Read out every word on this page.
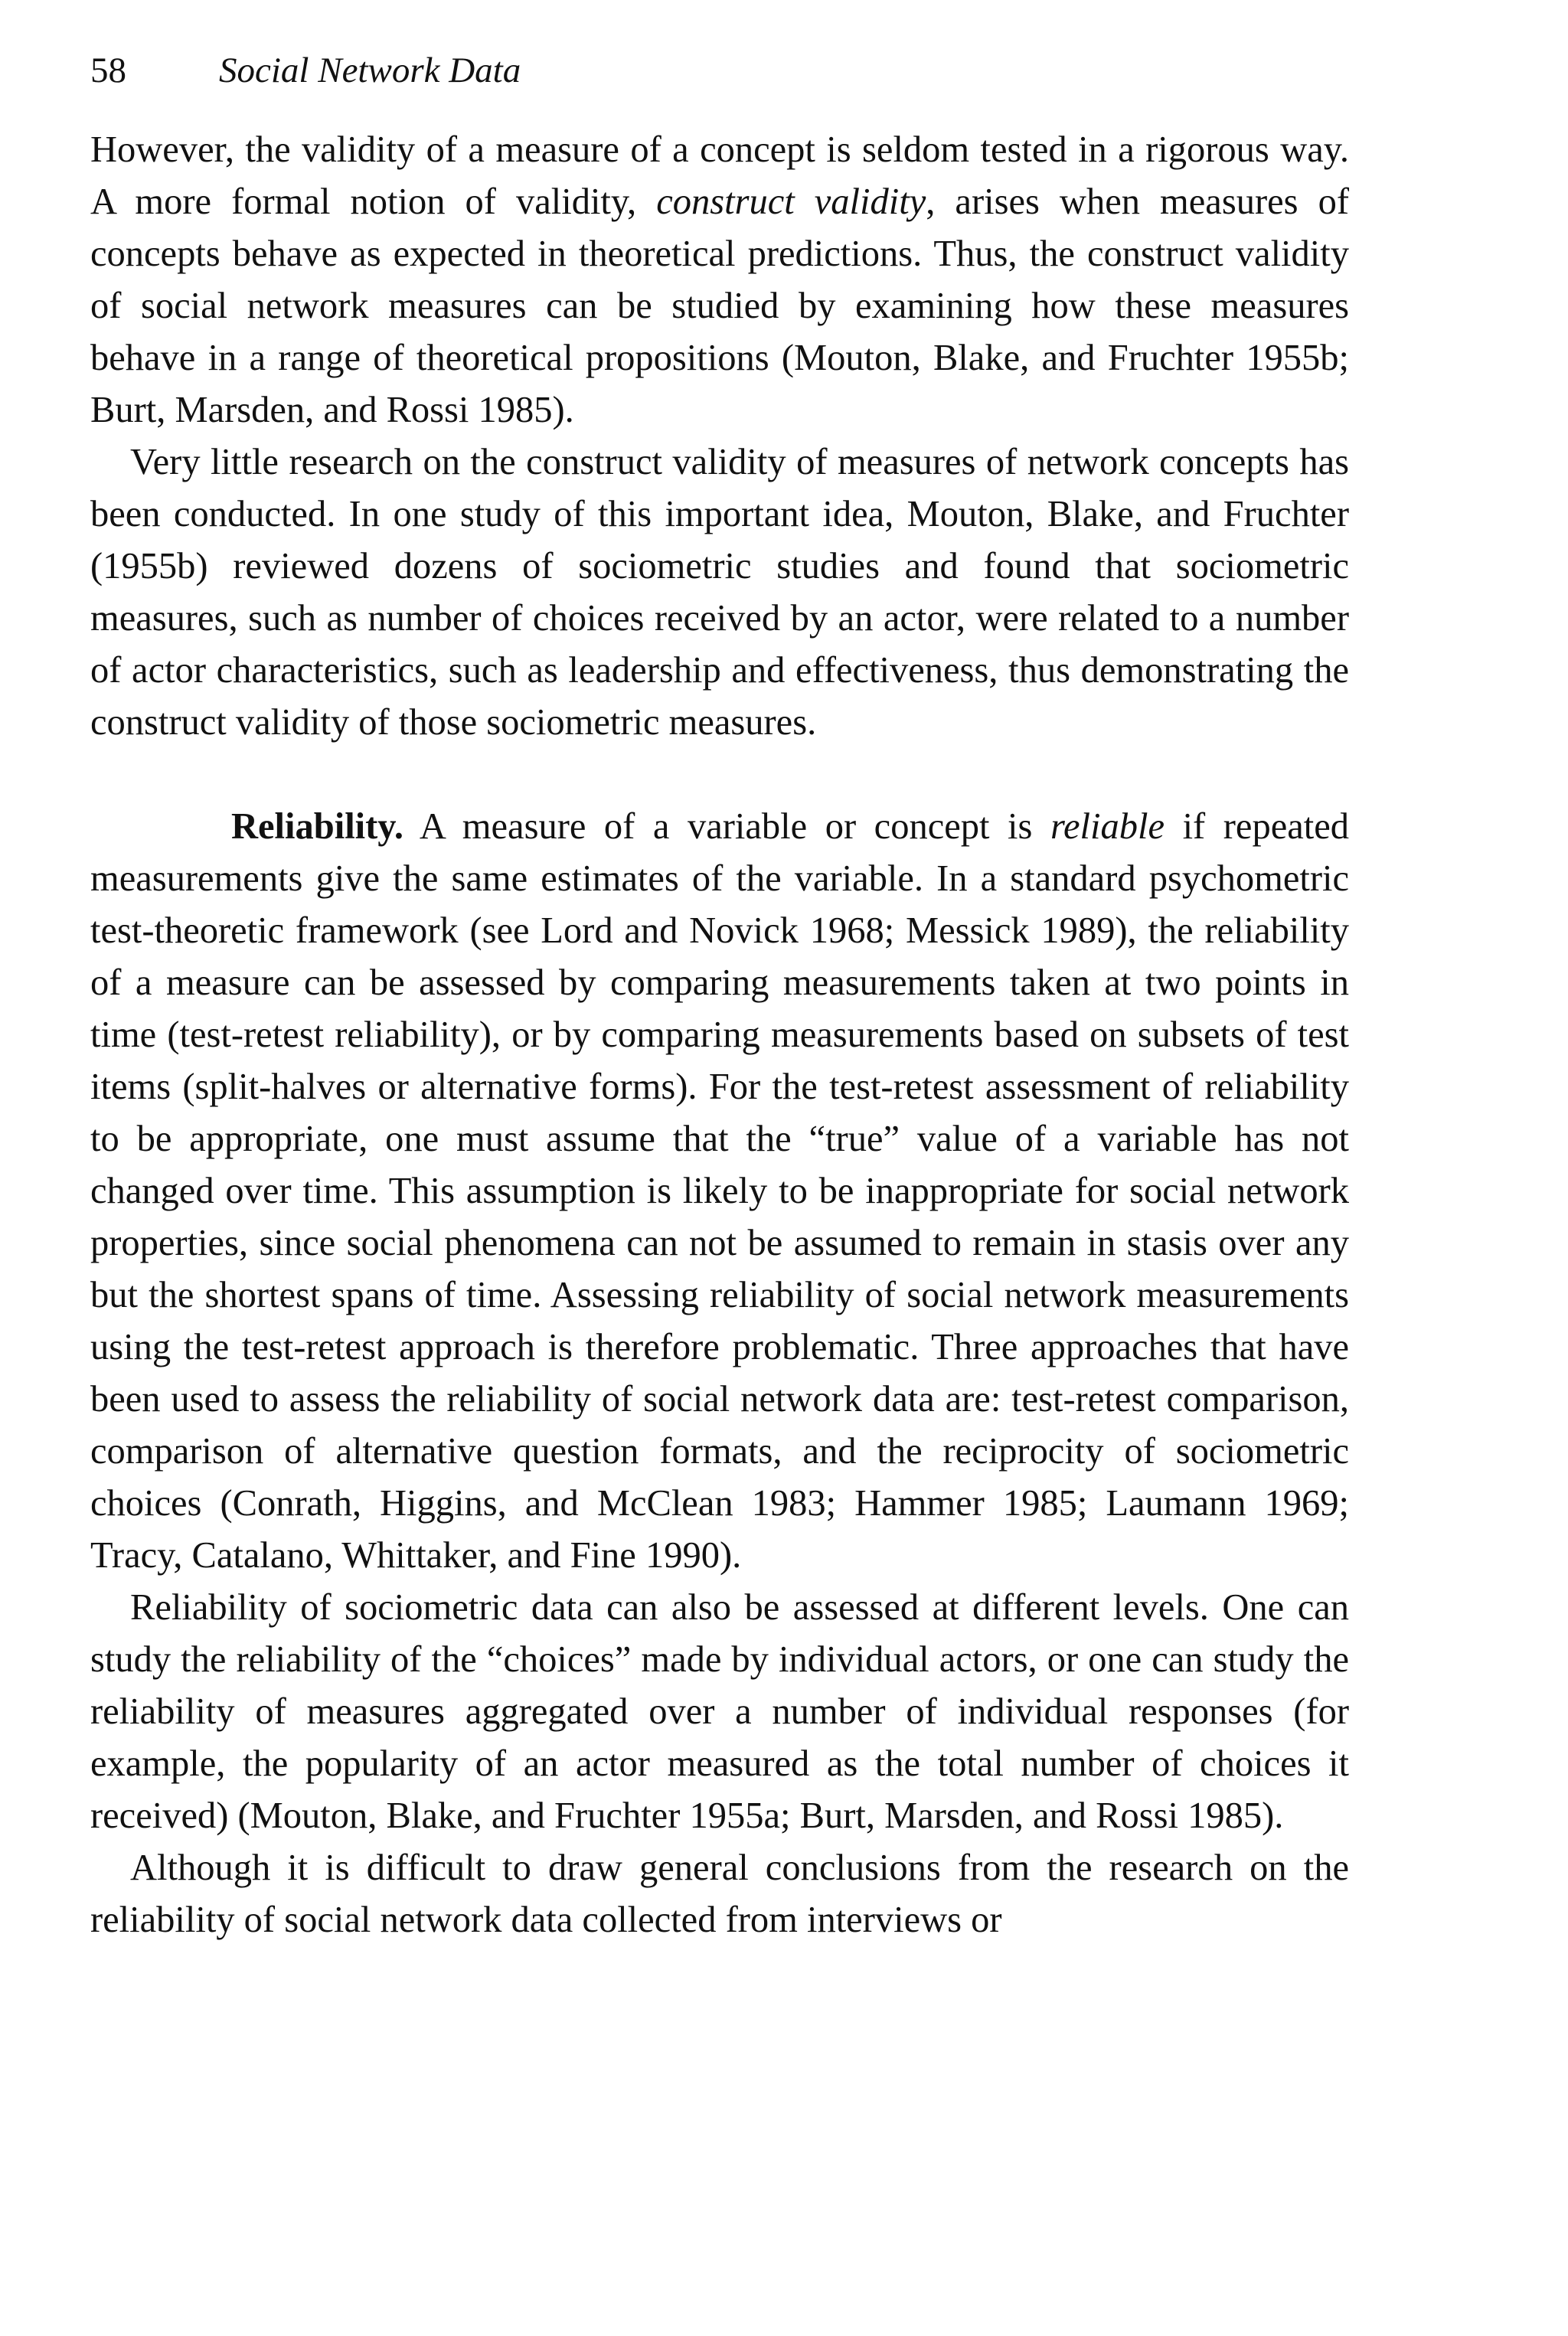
58	Social Network Data

However, the validity of a measure of a concept is seldom tested in a rigorous way. A more formal notion of validity, construct validity, arises when measures of concepts behave as expected in theoretical predictions. Thus, the construct validity of social network measures can be studied by examining how these measures behave in a range of theoretical propositions (Mouton, Blake, and Fruchter 1955b; Burt, Marsden, and Rossi 1985).

Very little research on the construct validity of measures of network concepts has been conducted. In one study of this important idea, Mouton, Blake, and Fruchter (1955b) reviewed dozens of sociometric studies and found that sociometric measures, such as number of choices received by an actor, were related to a number of actor characteristics, such as leadership and effectiveness, thus demonstrating the construct validity of those sociometric measures.

Reliability. A measure of a variable or concept is reliable if repeated measurements give the same estimates of the variable. In a standard psychometric test-theoretic framework (see Lord and Novick 1968; Messick 1989), the reliability of a measure can be assessed by comparing measurements taken at two points in time (test-retest reliability), or by comparing measurements based on subsets of test items (split-halves or alternative forms). For the test-retest assessment of reliability to be appropriate, one must assume that the “true” value of a variable has not changed over time. This assumption is likely to be inappropriate for social network properties, since social phenomena can not be assumed to remain in stasis over any but the shortest spans of time. Assessing reliability of social network measurements using the test-retest approach is therefore problematic. Three approaches that have been used to assess the reliability of social network data are: test-retest comparison, comparison of alternative question formats, and the reciprocity of sociometric choices (Conrath, Higgins, and McClean 1983; Hammer 1985; Laumann 1969; Tracy, Catalano, Whittaker, and Fine 1990).

Reliability of sociometric data can also be assessed at different levels. One can study the reliability of the “choices” made by individual actors, or one can study the reliability of measures aggregated over a number of individual responses (for example, the popularity of an actor measured as the total number of choices it received) (Mouton, Blake, and Fruchter 1955a; Burt, Marsden, and Rossi 1985).

Although it is difficult to draw general conclusions from the research on the reliability of social network data collected from interviews or
